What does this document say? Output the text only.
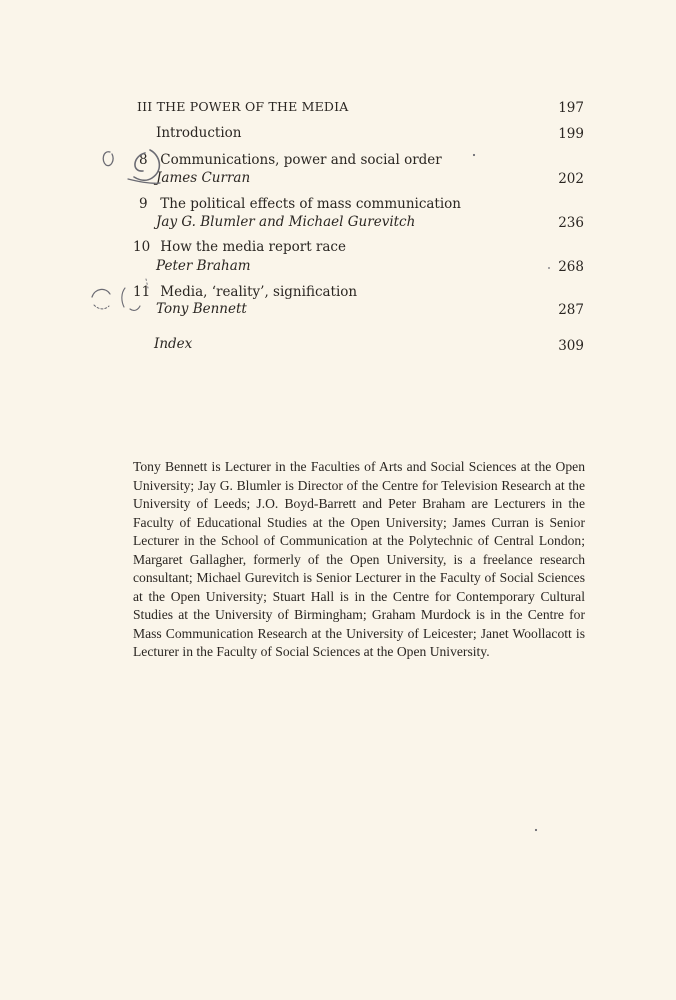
III THE POWER OF THE MEDIA	197
Introduction	199
8 Communications, power and social order
James Curran	202
9 The political effects of mass communication
Jay G. Blumler and Michael Gurevitch	236
10 How the media report race
Peter Braham	268
11 Media, ‘reality’, signification
Tony Bennett	287
Index	309
Tony Bennett is Lecturer in the Faculties of Arts and Social Sciences at the Open University; Jay G. Blumler is Director of the Centre for Television Research at the University of Leeds; J.O. Boyd-Barrett and Peter Braham are Lecturers in the Faculty of Educational Studies at the Open University; James Curran is Senior Lecturer in the School of Communication at the Polytechnic of Central London; Margaret Gallagher, formerly of the Open University, is a freelance research consultant; Michael Gurevitch is Senior Lecturer in the Faculty of Social Sciences at the Open University; Stuart Hall is in the Centre for Contemporary Cultural Studies at the University of Birmingham; Graham Murdock is in the Centre for Mass Communication Research at the University of Leicester; Janet Woollacott is Lecturer in the Faculty of Social Sciences at the Open University.
